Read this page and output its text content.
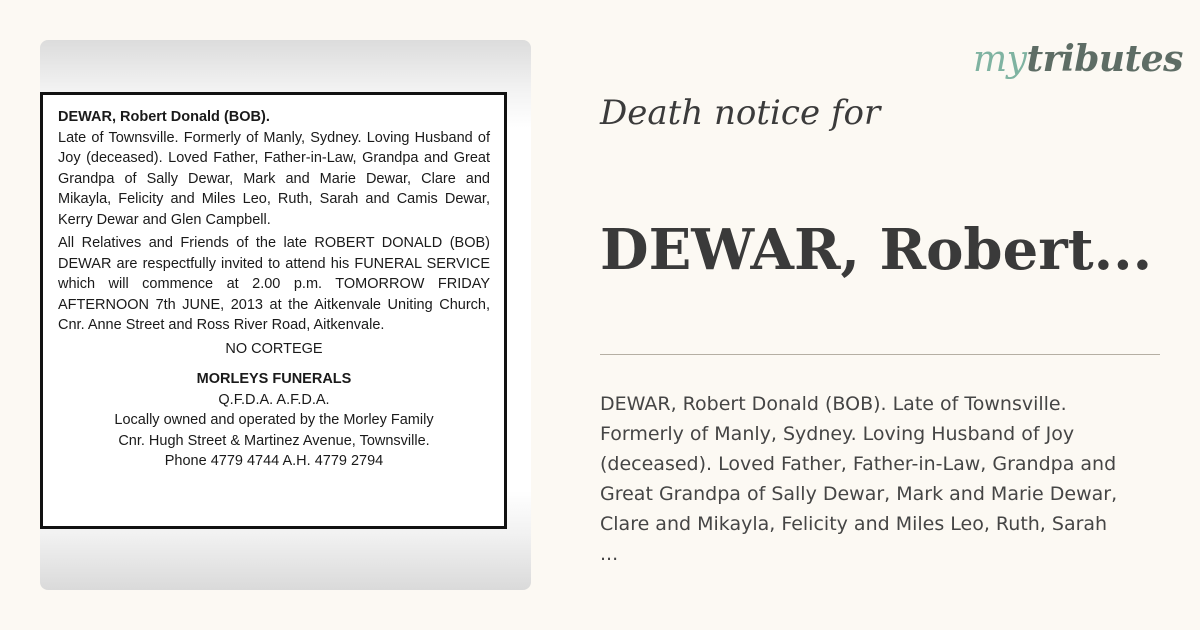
DEWAR, Robert Donald (BOB).

Late of Townsville. Formerly of Manly, Sydney. Loving Husband of Joy (deceased). Loved Father, Father-in-Law, Grandpa and Great Grandpa of Sally Dewar, Mark and Marie Dewar, Clare and Mikayla, Felicity and Miles Leo, Ruth, Sarah and Camis Dewar, Kerry Dewar and Glen Campbell.

All Relatives and Friends of the late ROBERT DONALD (BOB) DEWAR are respectfully invited to attend his FUNERAL SERVICE which will commence at 2.00 p.m. TOMORROW FRIDAY AFTERNOON 7th JUNE, 2013 at the Aitkenvale Uniting Church, Cnr. Anne Street and Ross River Road, Aitkenvale.

NO CORTEGE

MORLEYS FUNERALS

Q.F.D.A. A.F.D.A.

Locally owned and operated by the Morley Family

Cnr. Hugh Street & Martinez Avenue, Townsville.

Phone 4779 4744 A.H. 4779 2794

mytributes
Death notice for
DEWAR, Robert...
DEWAR, Robert Donald (BOB). Late of Townsville.
Formerly of Manly, Sydney. Loving Husband of Joy
(deceased). Loved Father, Father-in-Law, Grandpa and
Great Grandpa of Sally Dewar, Mark and Marie Dewar,
Clare and Mikayla, Felicity and Miles Leo, Ruth, Sarah
...
